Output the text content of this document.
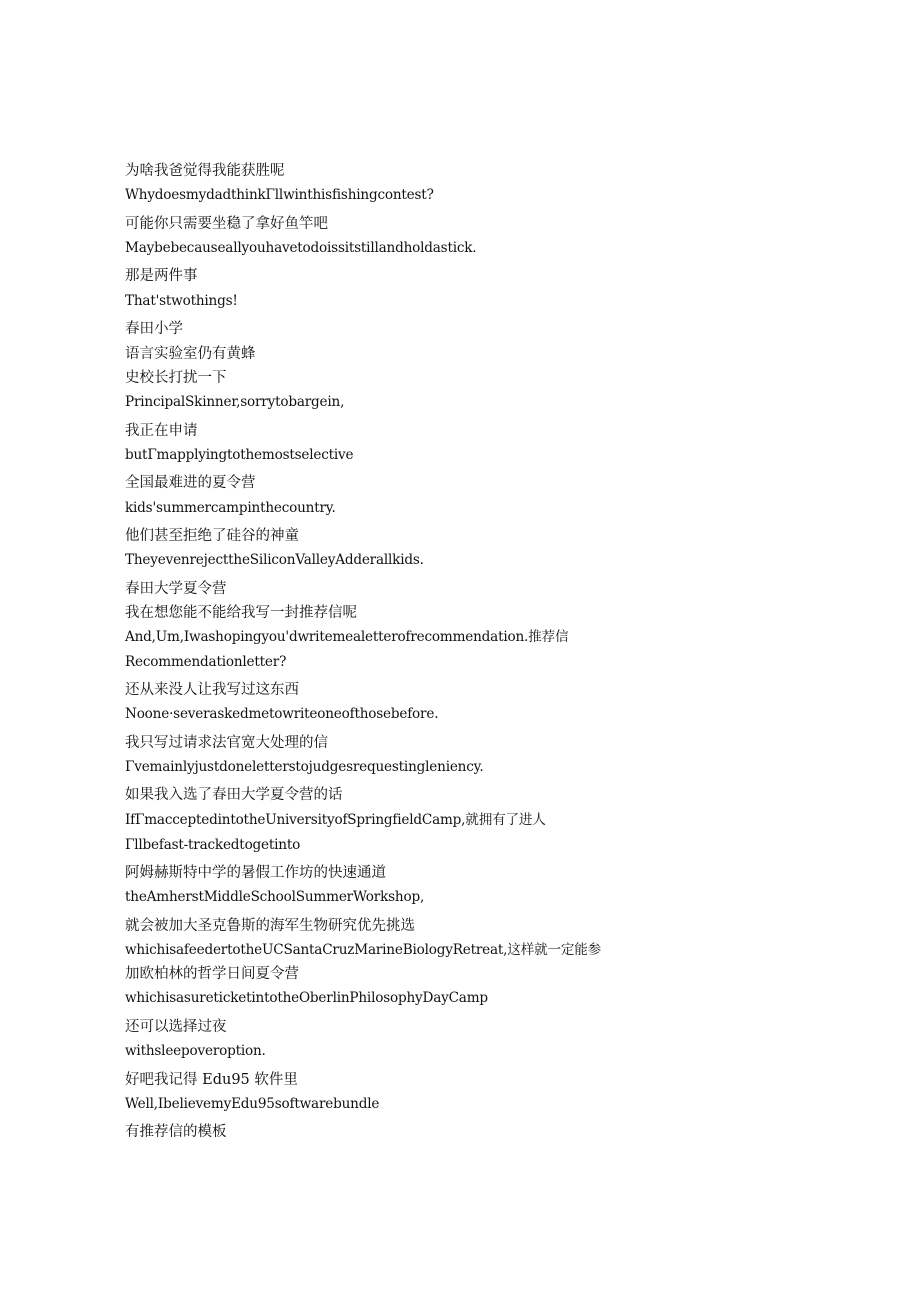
为啥我爸觉得我能获胜呢
WhydoesmydadthinkΓllwinthisfishingcontest?
可能你只需要坐稳了拿好鱼竿吧
Maybebecauseallyouhavetodoissitstillandholdastick.
那是两件事
That'stwothings!
春田小学
语言实验室仍有黄蜂
史校长打扰一下
PrincipalSkinner,sorrytobargein,
我正在申请
butΓmapplyingtothemostselective
全国最难进的夏令营
kids'summercampinthecountry.
他们甚至拒绝了硅谷的神童
TheyevenrejecttheSiliconValleyAdderallkids.
春田大学夏令营
我在想您能不能给我写一封推荐信呢
And,Um,Iwashopingyou'dwritemealetterofrecommendation.推荐信
Recommendationletter?
还从来没人让我写过这东西
Noone·severaskedmetowriteoneofthosebefore.
我只写过请求法官宽大处理的信
Γvemainlyjustdoneletterstojudgesrequestingleniency.
如果我入选了春田大学夏令营的话
IfΓmacceptedintotheUniversityofSpringfieldCamp,就拥有了进人
Γllbefast-trackedtogetinto
阿姆赫斯特中学的暑假工作坊的快速通道
theAmherstMiddleSchoolSummerWorkshop,
就会被加大圣克鲁斯的海军生物研究优先挑选
whichisafeedertotheUCSantaCruzMarineBiologyRetreat,这样就一定能参
加欧柏林的哲学日间夏令营
whichisasureticketintotheOberlinPhilosophyDayCamp
还可以选择过夜
withsleepoveroption.
好吧我记得 Edu95 软件里
Well,IbelievemyEdu95softwarebundle
有推荐信的模板
